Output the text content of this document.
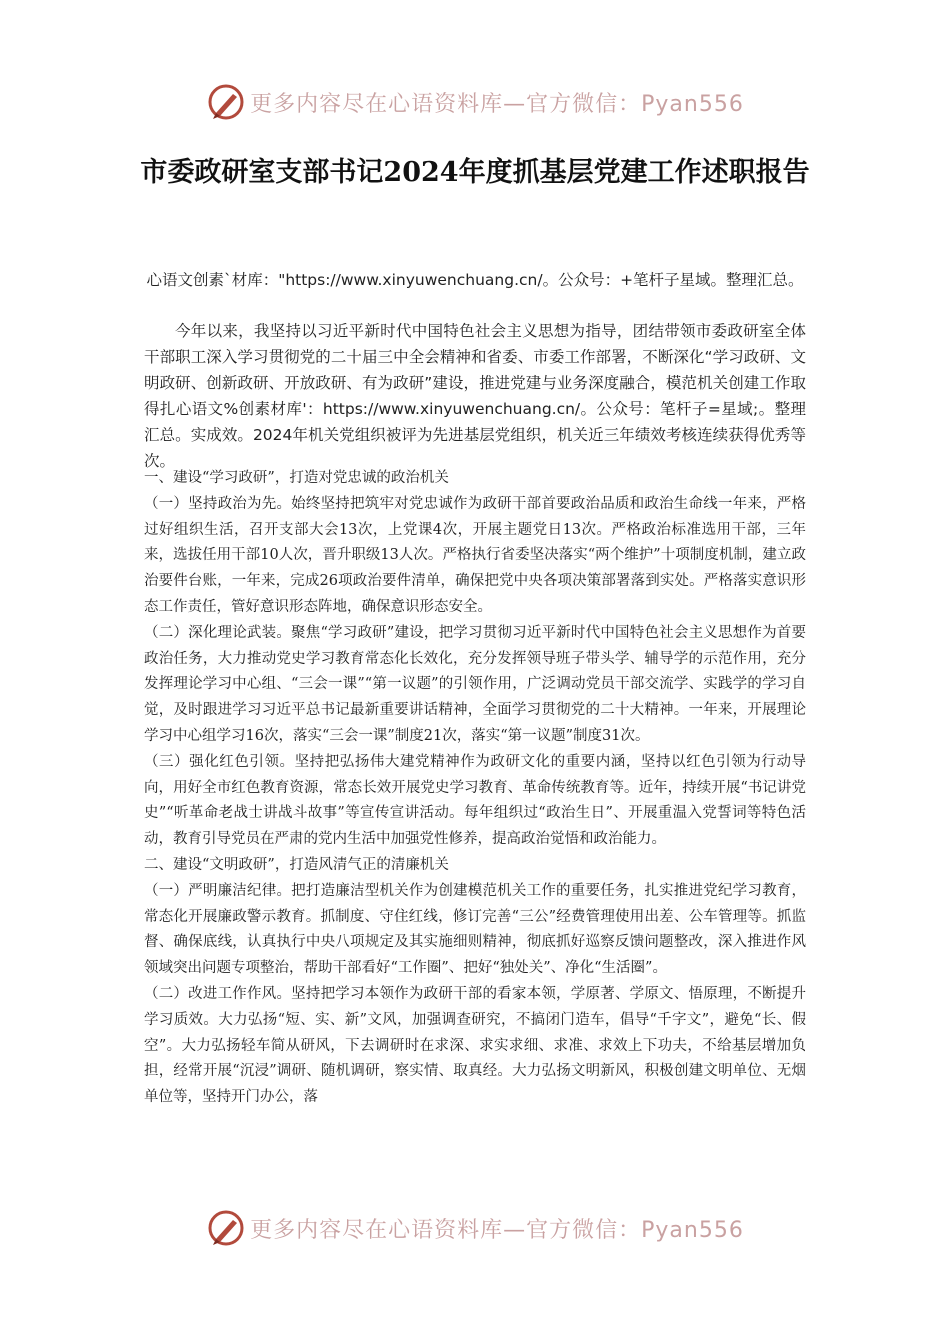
更多内容尽在心语资料库—官方微信：Pyan556
市委政研室支部书记2024年度抓基层党建工作述职报告
心语文创素`材库："https://www.xinyuwenchuang.cn/。公众号：+笔杆子星域。整理汇总。

今年以来，我坚持以习近平新时代中国特色社会主义思想为指导，团结带领市委政研室全体干部职工深入学习贯彻党的二十届三中全会精神和省委、市委工作部署，不断深化“学习政研、文明政研、创新政研、开放政研、有为政研”建设，推进党建与业务深度融合，模范机关创建工作取得扎心语文%创素材库'：https://www.xinyuwenchuang.cn/。公众号：笔杆子=星域;。整理汇总。实成效。2024年机关党组织被评为先进基层党组织，机关近三年绩效考核连续获得优秀等次。

一、建设“学习政研”，打造对党忠诚的政治机关

（一）坚持政治为先。始终坚持把筑牢对党忠诚作为政研干部首要政治品质和政治生命线一年来，严格过好组织生活，召开支部大会13次，上党课4次，开展主题党日13次。严格政治标准选用干部，三年来，选拔任用干部10人次，晋升职级13人次。严格执行省委坚决落实“两个维护”十项制度机制，建立政治要件台账，一年来，完成26项政治要件清单，确保把党中央各项决策部署落到实处。严格落实意识形态工作责任，管好意识形态阵地，确保意识形态安全。

（二）深化理论武装。聚焦“学习政研”建设，把学习贯彻习近平新时代中国特色社会主义思想作为首要政治任务，大力推动党史学习教育常态化长效化，充分发挥领导班子带头学、辅导学的示范作用，充分发挥理论学习中心组、“三会一课”“第一议题”的引领作用，广泛调动党员干部交流学、实践学的学习自觉，及时跟进学习习近平总书记最新重要讲话精神，全面学习贯彻党的二十大精神。一年来，开展理论学习中心组学习16次，落实“三会一课”制度21次，落实“第一议题”制度31次。

（三）强化红色引领。坚持把弘扬伟大建党精神作为政研文化的重要内涵，坚持以红色引领为行动导向，用好全市红色教育资源，常态长效开展党史学习教育、革命传统教育等。近年，持续开展“书记讲党史”“听革命老战士讲战斗故事”等宣传宣讲活动。每年组织过“政治生日”、开展重温入党誓词等特色活动，教育引导党员在严肃的党内生活中加强党性修养，提高政治觉悟和政治能力。

二、建设“文明政研”，打造风清气正的清廉机关

（一）严明廉洁纪律。把打造廉洁型机关作为创建模范机关工作的重要任务，扎实推进党纪学习教育，常态化开展廉政警示教育。抓制度、守住红线，修订完善“三公”经费管理使用出差、公车管理等。抓监督、确保底线，认真执行中央八项规定及其实施细则精神，彻底抓好巡察反馈问题整改，深入推进作风领域突出问题专项整治，帮助干部看好“工作圈”、把好“独处关”、净化“生活圈”。

（二）改进工作作风。坚持把学习本领作为政研干部的看家本领，学原著、学原文、悟原理，不断提升学习质效。大力弘扬“短、实、新”文风，加强调查研究，不搞闭门造车，倡导“千字文”，避免“长、假空”。大力弘扬轻车简从研风，下去调研时在求深、求实求细、求准、求效上下功夫，不给基层增加负担，经常开展“沉浸”调研、随机调研，察实情、取真经。大力弘扬文明新风，积极创建文明单位、无烟单位等，坚持开门办公，落

更多内容尽在心语资料库—官方微信：Pyan556
